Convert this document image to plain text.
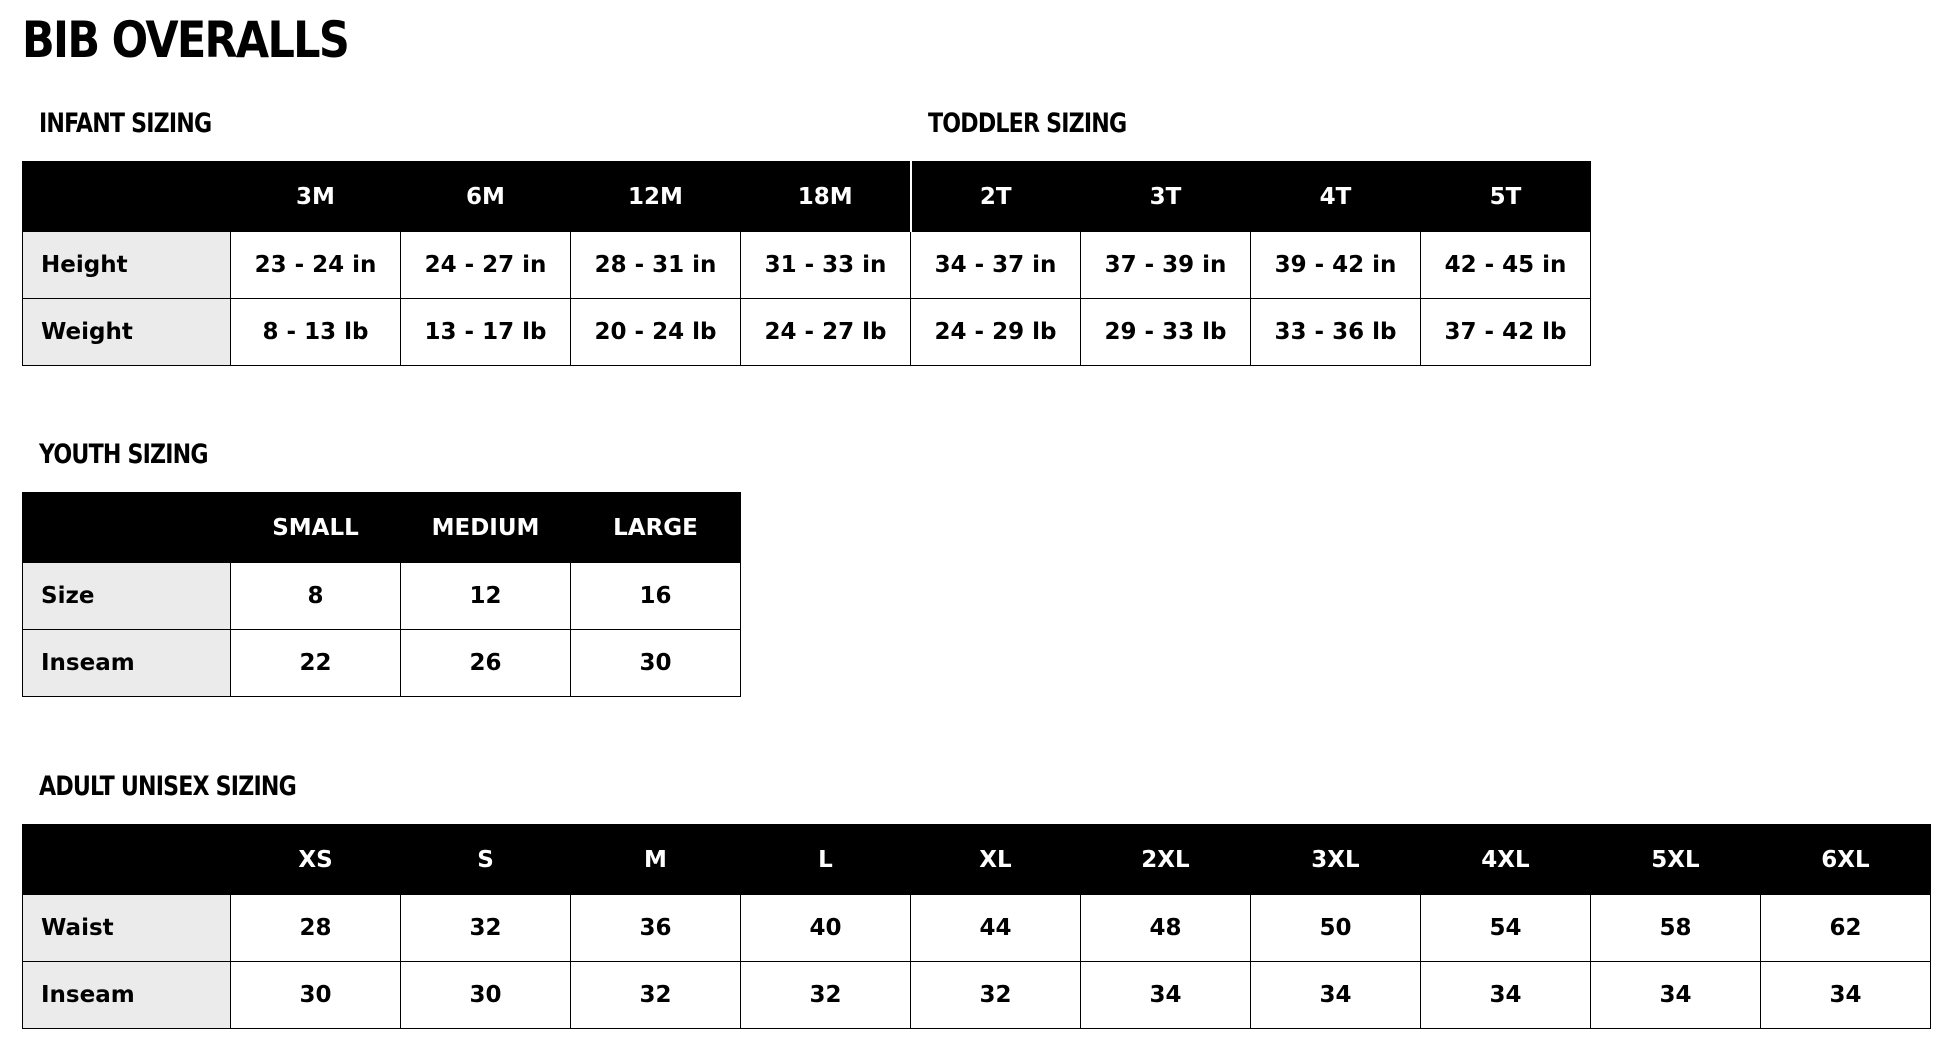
BIB OVERALLS
INFANT SIZING	TODDLER SIZING
	3M	6M	12M	18M	2T	3T	4T	5T
Height	23 - 24 in	24 - 27 in	28 - 31 in	31 - 33 in	34 - 37 in	37 - 39 in	39 - 42 in	42 - 45 in
Weight	8 - 13 lb	13 - 17 lb	20 - 24 lb	24 - 27 lb	24 - 29 lb	29 - 33 lb	33 - 36 lb	37 - 42 lb
YOUTH SIZING
	SMALL	MEDIUM	LARGE
Size	8	12	16
Inseam	22	26	30
ADULT UNISEX SIZING
	XS	S	M	L	XL	2XL	3XL	4XL	5XL	6XL
Waist	28	32	36	40	44	48	50	54	58	62
Inseam	30	30	32	32	32	34	34	34	34	34
